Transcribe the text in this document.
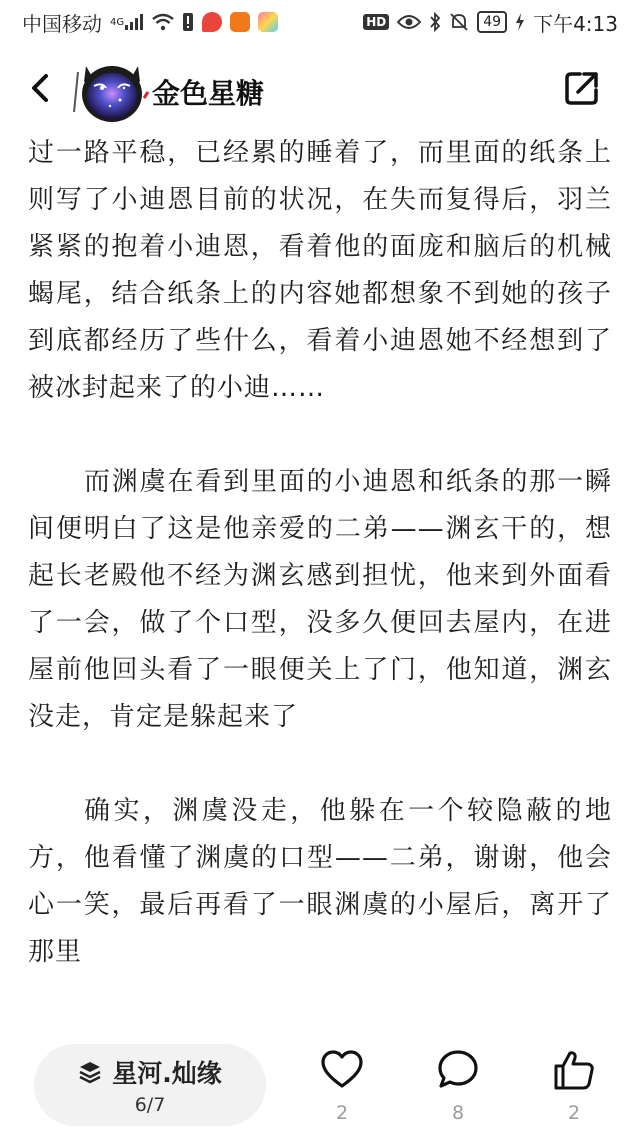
中国移动 4G	HD	49	下午4:13
金色星糖

过一路平稳，已经累的睡着了，而里面的纸条上则写了小迪恩目前的状况，在失而复得后，羽兰紧紧的抱着小迪恩，看着他的面庞和脑后的机械蝎尾，结合纸条上的内容她都想象不到她的孩子到底都经历了些什么，看着小迪恩她不经想到了被冰封起来了的小迪……

而渊虞在看到里面的小迪恩和纸条的那一瞬间便明白了这是他亲爱的二弟——渊玄干的，想起长老殿他不经为渊玄感到担忧，他来到外面看了一会，做了个口型，没多久便回去屋内，在进屋前他回头看了一眼便关上了门，他知道，渊玄没走，肯定是躲起来了

确实，渊虞没走，他躲在一个较隐蔽的地方，他看懂了渊虞的口型——二弟，谢谢，他会心一笑，最后再看了一眼渊虞的小屋后，离开了那里

星河.灿缘
6/7	2	8	2
